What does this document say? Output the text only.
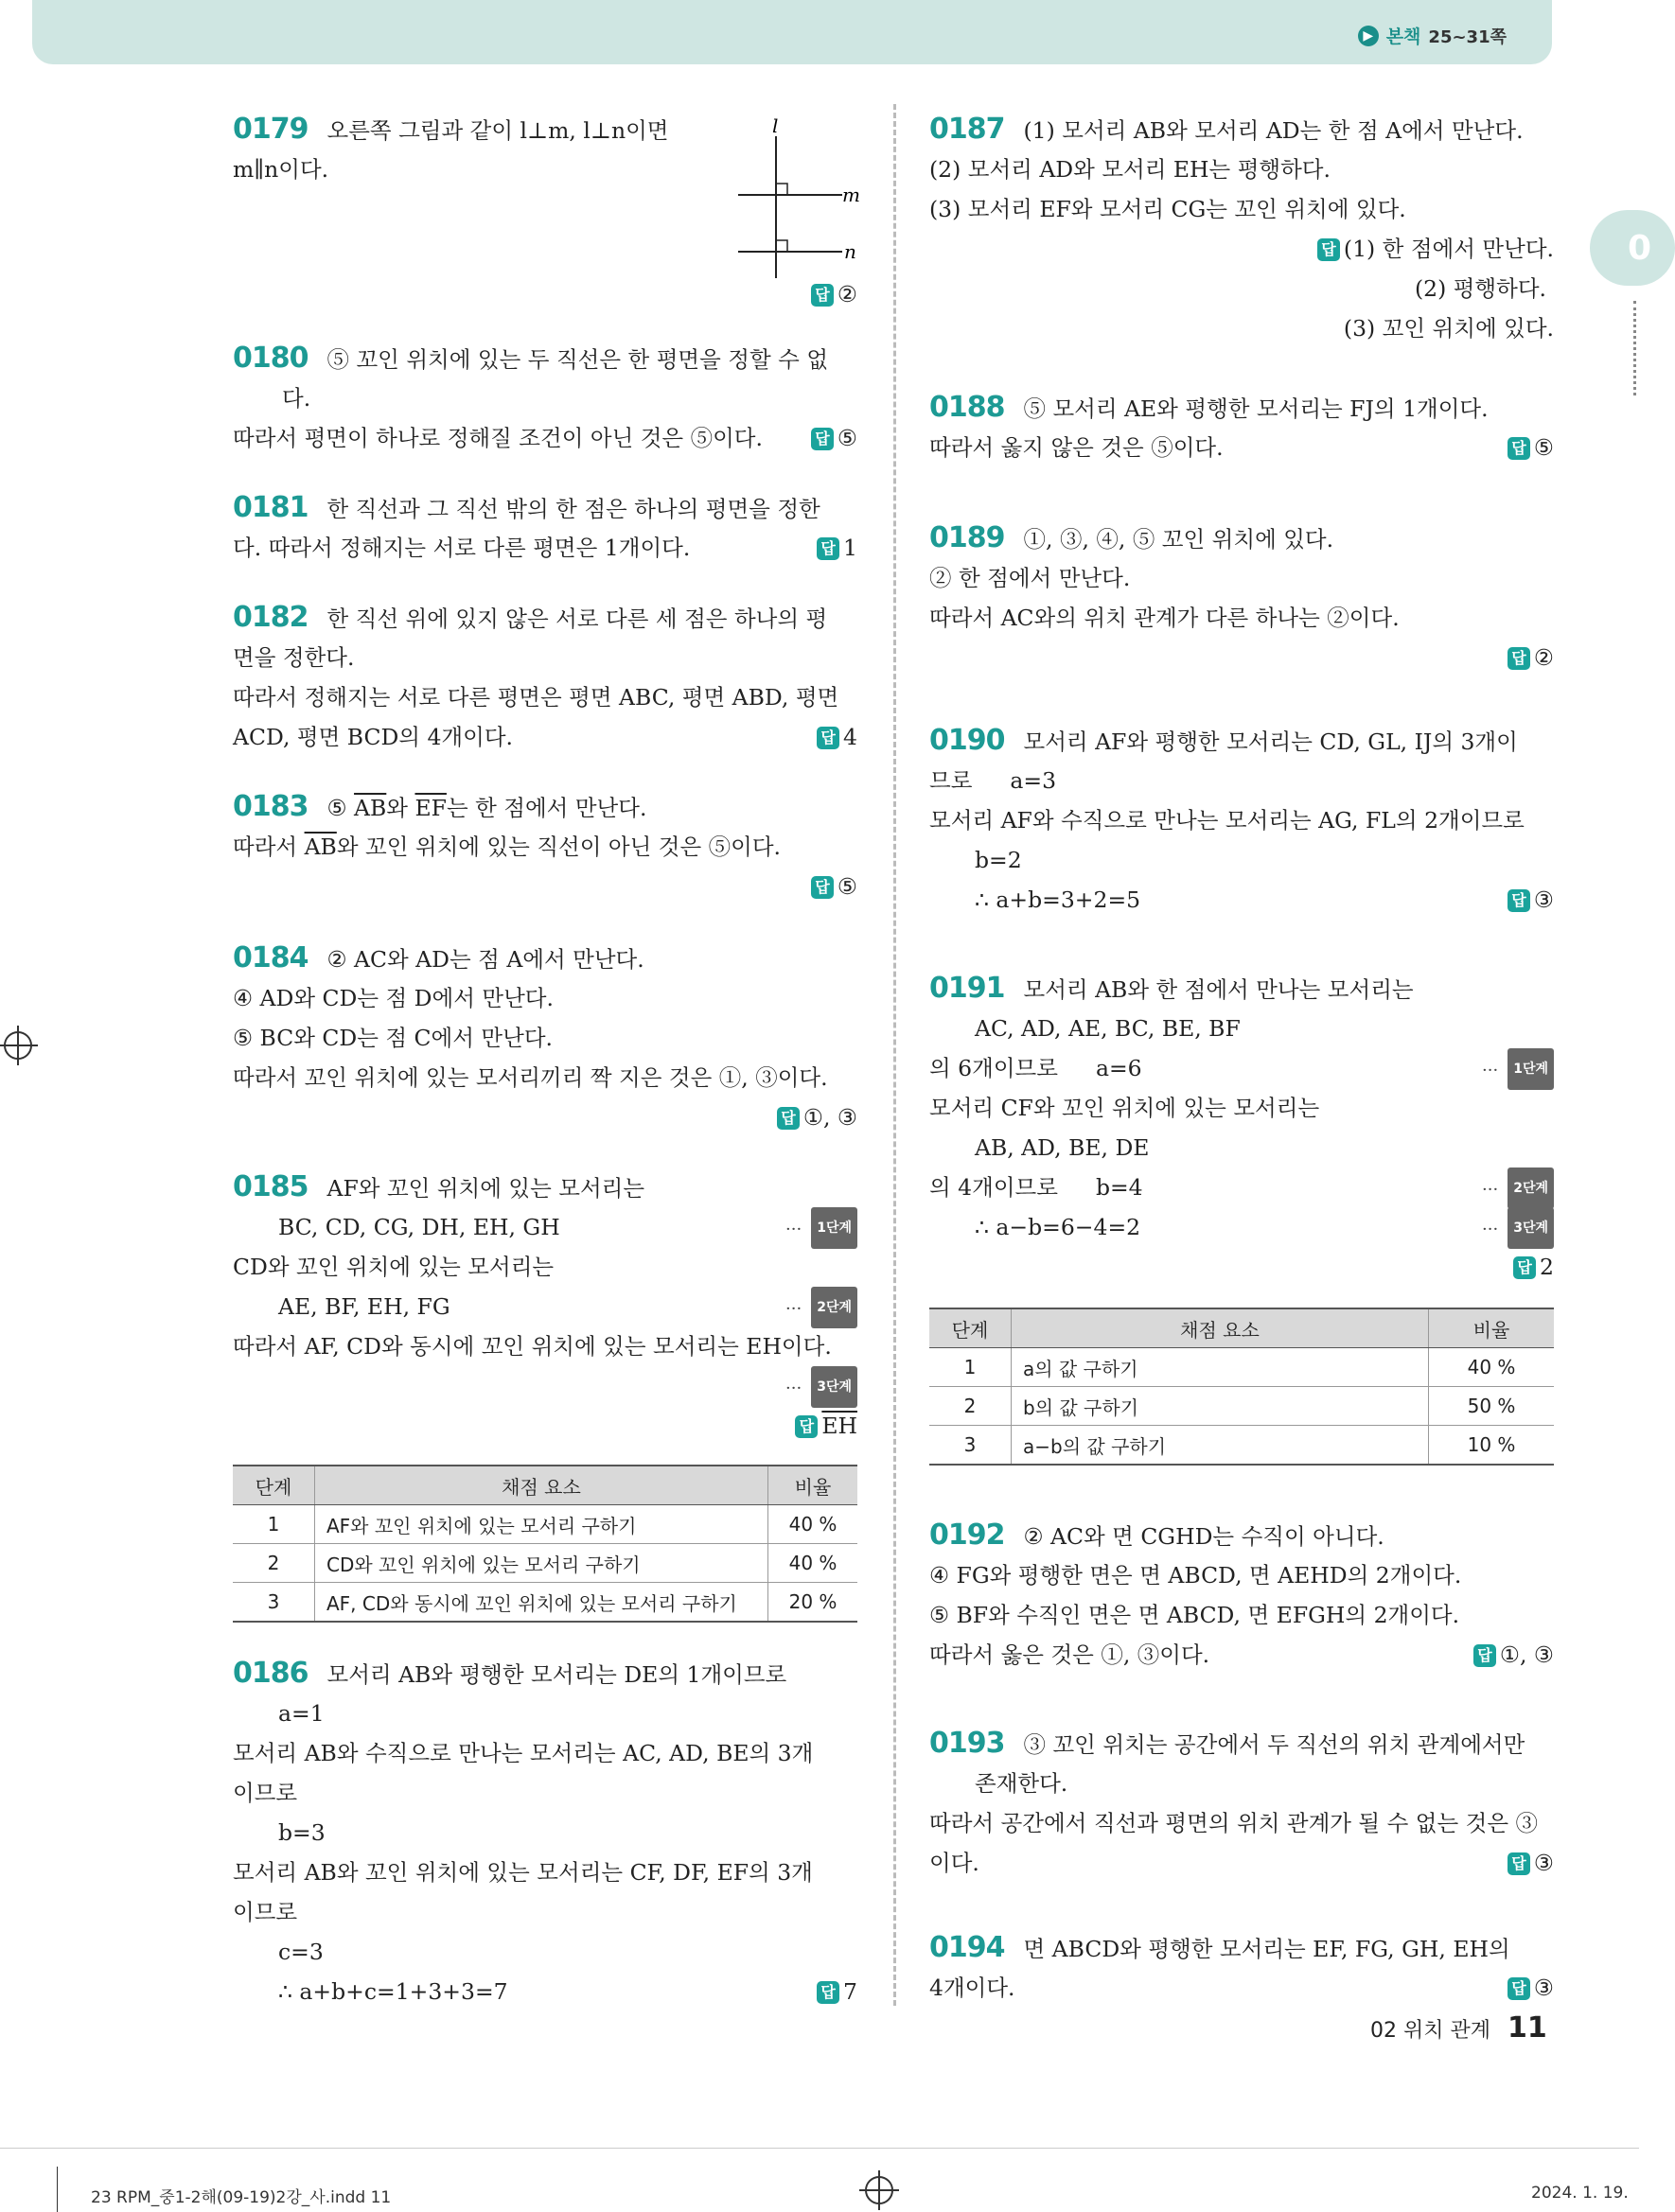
▶ 본책 25~31쪽
0
0179 오른쪽 그림과 같이 l⊥m, l⊥n이면
m∥n이다.
l
m
n
답 ②
0180 ⑤ 꼬인 위치에 있는 두 직선은 한 평면을 정할 수 없
다.
따라서 평면이 하나로 정해질 조건이 아닌 것은 ⑤이다.	답 ⑤
0181 한 직선과 그 직선 밖의 한 점은 하나의 평면을 정한
다. 따라서 정해지는 서로 다른 평면은 1개이다.	답 1
0182 한 직선 위에 있지 않은 서로 다른 세 점은 하나의 평
면을 정한다.
따라서 정해지는 서로 다른 평면은 평면 ABC, 평면 ABD, 평면
ACD, 평면 BCD의 4개이다.	답 4
0183 ⑤ $\overline{AB}$와 $\overline{EF}$는 한 점에서 만난다.
따라서 $\overline{AB}$와 꼬인 위치에 있는 직선이 아닌 것은 ⑤이다.
답 ⑤
0184 ② AC와 AD는 점 A에서 만난다.
④ AD와 CD는 점 D에서 만난다.
⑤ BC와 CD는 점 C에서 만난다.
따라서 꼬인 위치에 있는 모서리끼리 짝 지은 것은 ①, ③이다.
답 ①, ③
0185 AF와 꼬인 위치에 있는 모서리는
BC, CD, CG, DH, EH, GH	··· 1단계
CD와 꼬인 위치에 있는 모서리는
AE, BF, EH, FG	··· 2단계
따라서 AF, CD와 동시에 꼬인 위치에 있는 모서리는 EH이다.
··· 3단계
답 $\overline{EH}$
단계	채점 요소	비율
1	AF와 꼬인 위치에 있는 모서리 구하기	40 %
2	CD와 꼬인 위치에 있는 모서리 구하기	40 %
3	AF, CD와 동시에 꼬인 위치에 있는 모서리 구하기	20 %
0186 모서리 AB와 평행한 모서리는 DE의 1개이므로
a=1
모서리 AB와 수직으로 만나는 모서리는 AC, AD, BE의 3개
이므로
b=3
모서리 AB와 꼬인 위치에 있는 모서리는 CF, DF, EF의 3개
이므로
c=3
∴ a+b+c=1+3+3=7	답 7
0187 (1) 모서리 AB와 모서리 AD는 한 점 A에서 만난다.
(2) 모서리 AD와 모서리 EH는 평행하다.
(3) 모서리 EF와 모서리 CG는 꼬인 위치에 있다.
답 (1) 한 점에서 만난다.
(2) 평행하다.
(3) 꼬인 위치에 있다.
0188 ⑤ 모서리 AE와 평행한 모서리는 FJ의 1개이다.
따라서 옳지 않은 것은 ⑤이다.	답 ⑤
0189 ①, ③, ④, ⑤ 꼬인 위치에 있다.
② 한 점에서 만난다.
따라서 AC와의 위치 관계가 다른 하나는 ②이다.
답 ②
0190 모서리 AF와 평행한 모서리는 CD, GL, IJ의 3개이
므로 a=3
모서리 AF와 수직으로 만나는 모서리는 AG, FL의 2개이므로
b=2
∴ a+b=3+2=5	답 ③
0191 모서리 AB와 한 점에서 만나는 모서리는
AC, AD, AE, BC, BE, BF
의 6개이므로 a=6	··· 1단계
모서리 CF와 꼬인 위치에 있는 모서리는
AB, AD, BE, DE
의 4개이므로 b=4	··· 2단계
∴ a−b=6−4=2	··· 3단계
답 2
단계	채점 요소	비율
1	a의 값 구하기	40 %
2	b의 값 구하기	50 %
3	a−b의 값 구하기	10 %
0192 ② AC와 면 CGHD는 수직이 아니다.
④ FG와 평행한 면은 면 ABCD, 면 AEHD의 2개이다.
⑤ BF와 수직인 면은 면 ABCD, 면 EFGH의 2개이다.
따라서 옳은 것은 ①, ③이다.	답 ①, ③
0193 ③ 꼬인 위치는 공간에서 두 직선의 위치 관계에서만
존재한다.
따라서 공간에서 직선과 평면의 위치 관계가 될 수 없는 것은 ③
이다.	답 ③
0194 면 ABCD와 평행한 모서리는 EF, FG, GH, EH의
4개이다.	답 ③
02 위치 관계 11
23 RPM_중1-2해(09-19)2강_사.indd 11	2024. 1. 19.
